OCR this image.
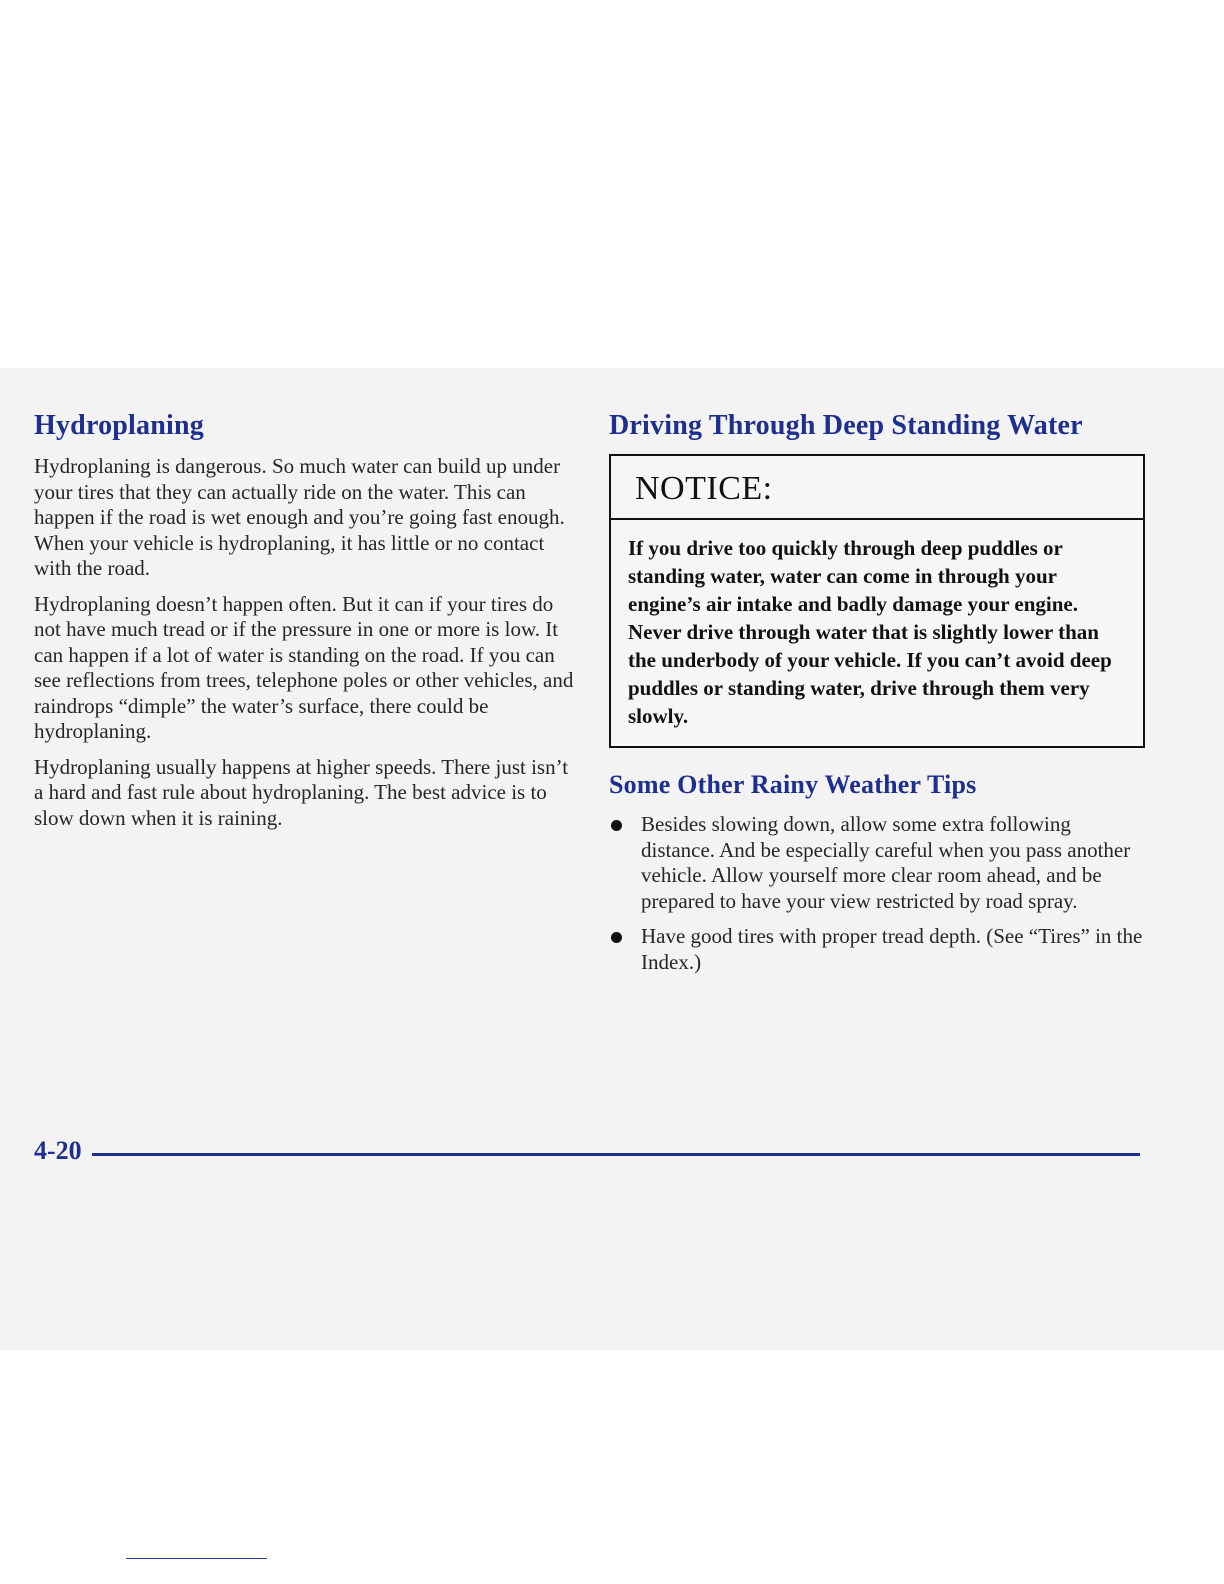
Hydroplaning

Hydroplaning is dangerous. So much water can build up under your tires that they can actually ride on the water. This can happen if the road is wet enough and you’re going fast enough. When your vehicle is hydroplaning, it has little or no contact with the road.

Hydroplaning doesn’t happen often. But it can if your tires do not have much tread or if the pressure in one or more is low. It can happen if a lot of water is standing on the road. If you can see reflections from trees, telephone poles or other vehicles, and raindrops “dimple” the water’s surface, there could be hydroplaning.

Hydroplaning usually happens at higher speeds. There just isn’t a hard and fast rule about hydroplaning. The best advice is to slow down when it is raining.

Driving Through Deep Standing Water
NOTICE:
If you drive too quickly through deep puddles or standing water, water can come in through your engine’s air intake and badly damage your engine. Never drive through water that is slightly lower than the underbody of your vehicle. If you can’t avoid deep puddles or standing water, drive through them very slowly.
Some Other Rainy Weather Tips
Besides slowing down, allow some extra following distance. And be especially careful when you pass another vehicle. Allow yourself more clear room ahead, and be prepared to have your view restricted by road spray.
Have good tires with proper tread depth. (See “Tires” in the Index.)
4-20
